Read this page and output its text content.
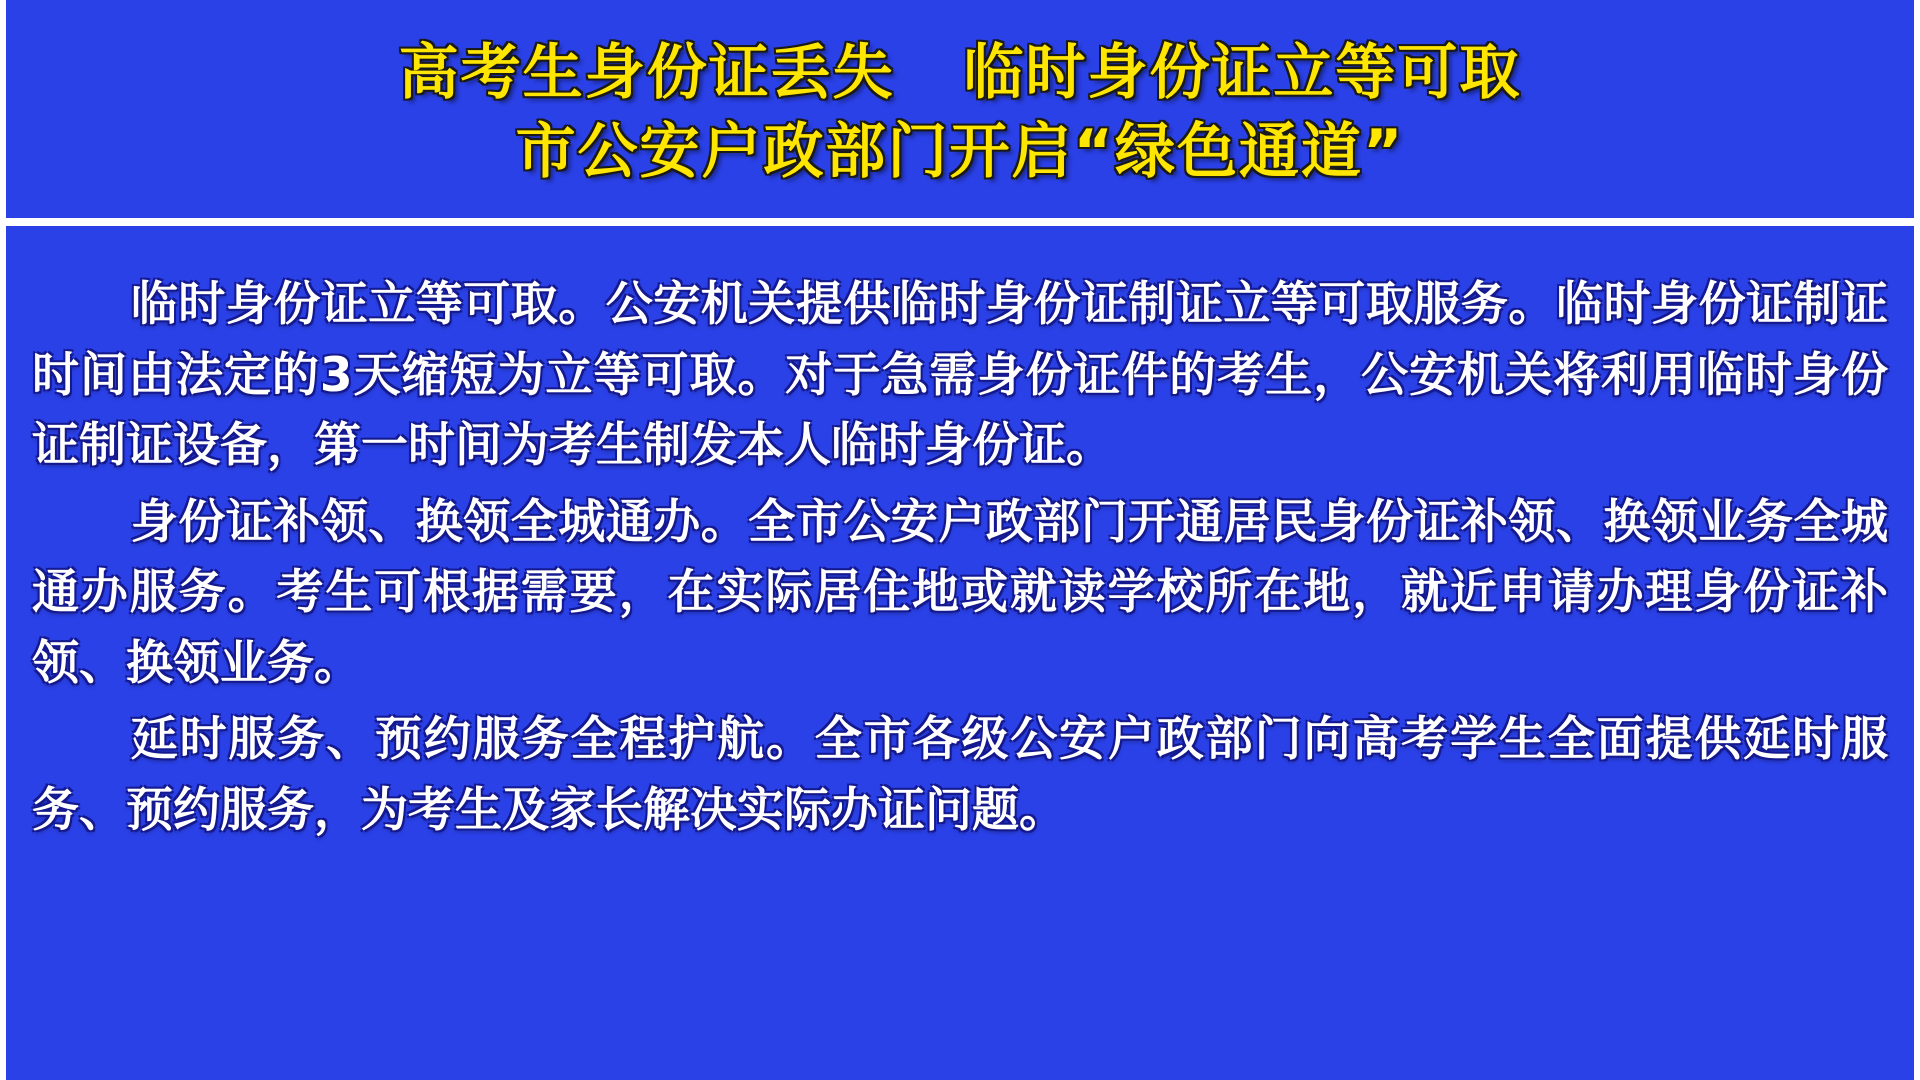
高考生身份证丢失   临时身份证立等可取
市公安户政部门开启“绿色通道”

临时身份证立等可取。公安机关提供临时身份证制证立等可取服务。临时身份证制证时间由法定的3天缩短为立等可取。对于急需身份证件的考生，公安机关将利用临时身份证制证设备，第一时间为考生制发本人临时身份证。

身份证补领、换领全城通办。全市公安户政部门开通居民身份证补领、换领业务全城通办服务。考生可根据需要，在实际居住地或就读学校所在地，就近申请办理身份证补领、换领业务。

延时服务、预约服务全程护航。全市各级公安户政部门向高考学生全面提供延时服务、预约服务，为考生及家长解决实际办证问题。
